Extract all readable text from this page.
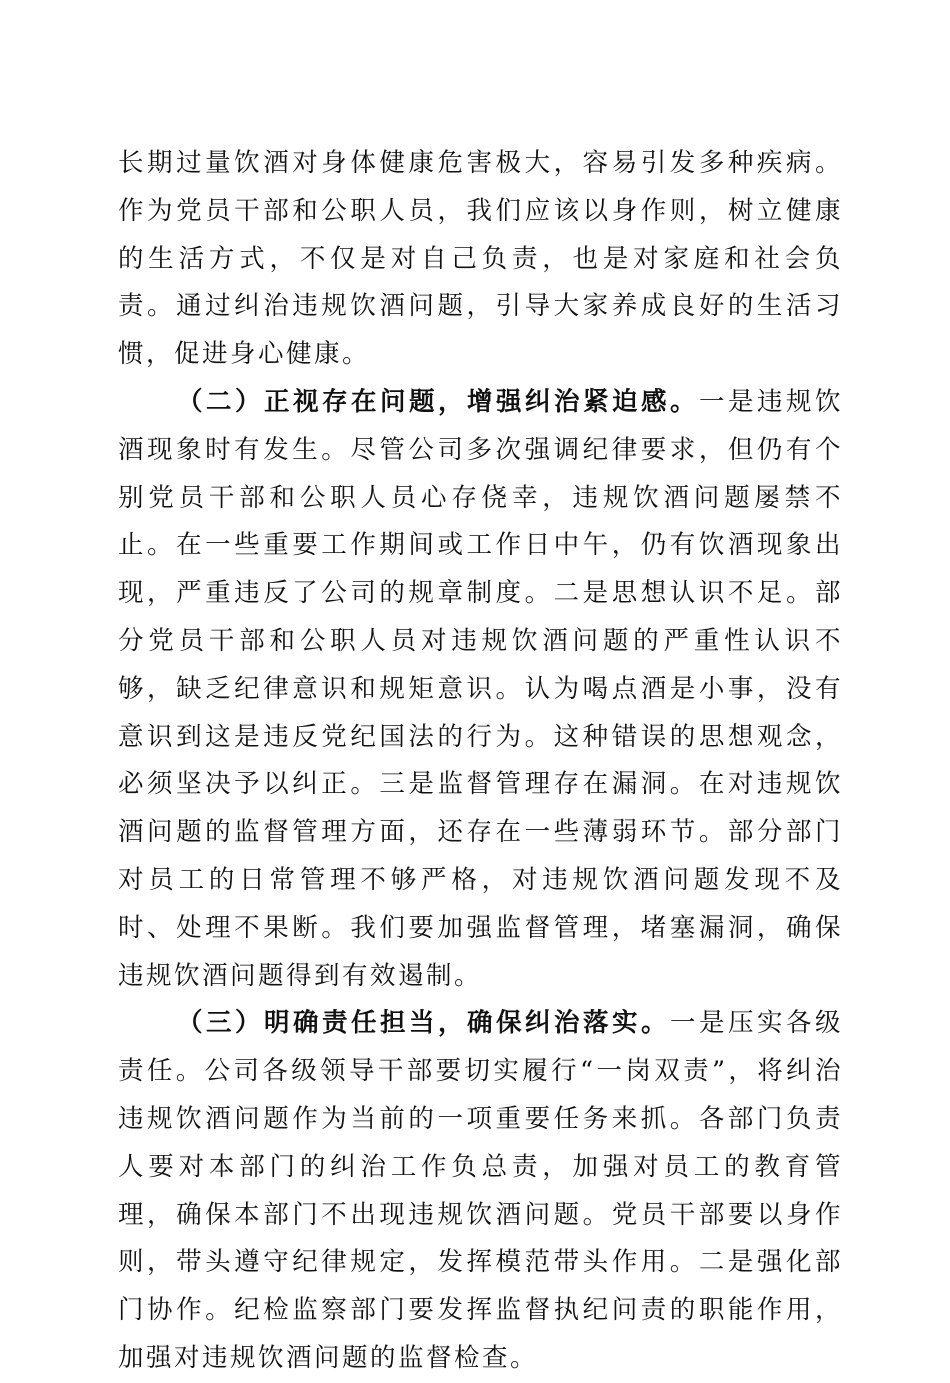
长期过量饮酒对身体健康危害极大，容易引发多种疾病。作为党员干部和公职人员，我们应该以身作则，树立健康的生活方式，不仅是对自己负责，也是对家庭和社会负责。通过纠治违规饮酒问题，引导大家养成良好的生活习惯，促进身心健康。

（二）正视存在问题，增强纠治紧迫感。一是违规饮酒现象时有发生。尽管公司多次强调纪律要求，但仍有个别党员干部和公职人员心存侥幸，违规饮酒问题屡禁不止。在一些重要工作期间或工作日中午，仍有饮酒现象出现，严重违反了公司的规章制度。二是思想认识不足。部分党员干部和公职人员对违规饮酒问题的严重性认识不够，缺乏纪律意识和规矩意识。认为喝点酒是小事，没有意识到这是违反党纪国法的行为。这种错误的思想观念，必须坚决予以纠正。三是监督管理存在漏洞。在对违规饮酒问题的监督管理方面，还存在一些薄弱环节。部分部门对员工的日常管理不够严格，对违规饮酒问题发现不及时、处理不果断。我们要加强监督管理，堵塞漏洞，确保违规饮酒问题得到有效遏制。

（三）明确责任担当，确保纠治落实。一是压实各级责任。公司各级领导干部要切实履行“一岗双责”，将纠治违规饮酒问题作为当前的一项重要任务来抓。各部门负责人要对本部门的纠治工作负总责，加强对员工的教育管理，确保本部门不出现违规饮酒问题。党员干部要以身作则，带头遵守纪律规定，发挥模范带头作用。二是强化部门协作。纪检监察部门要发挥监督执纪问责的职能作用，加强对违规饮酒问题的监督检查。
